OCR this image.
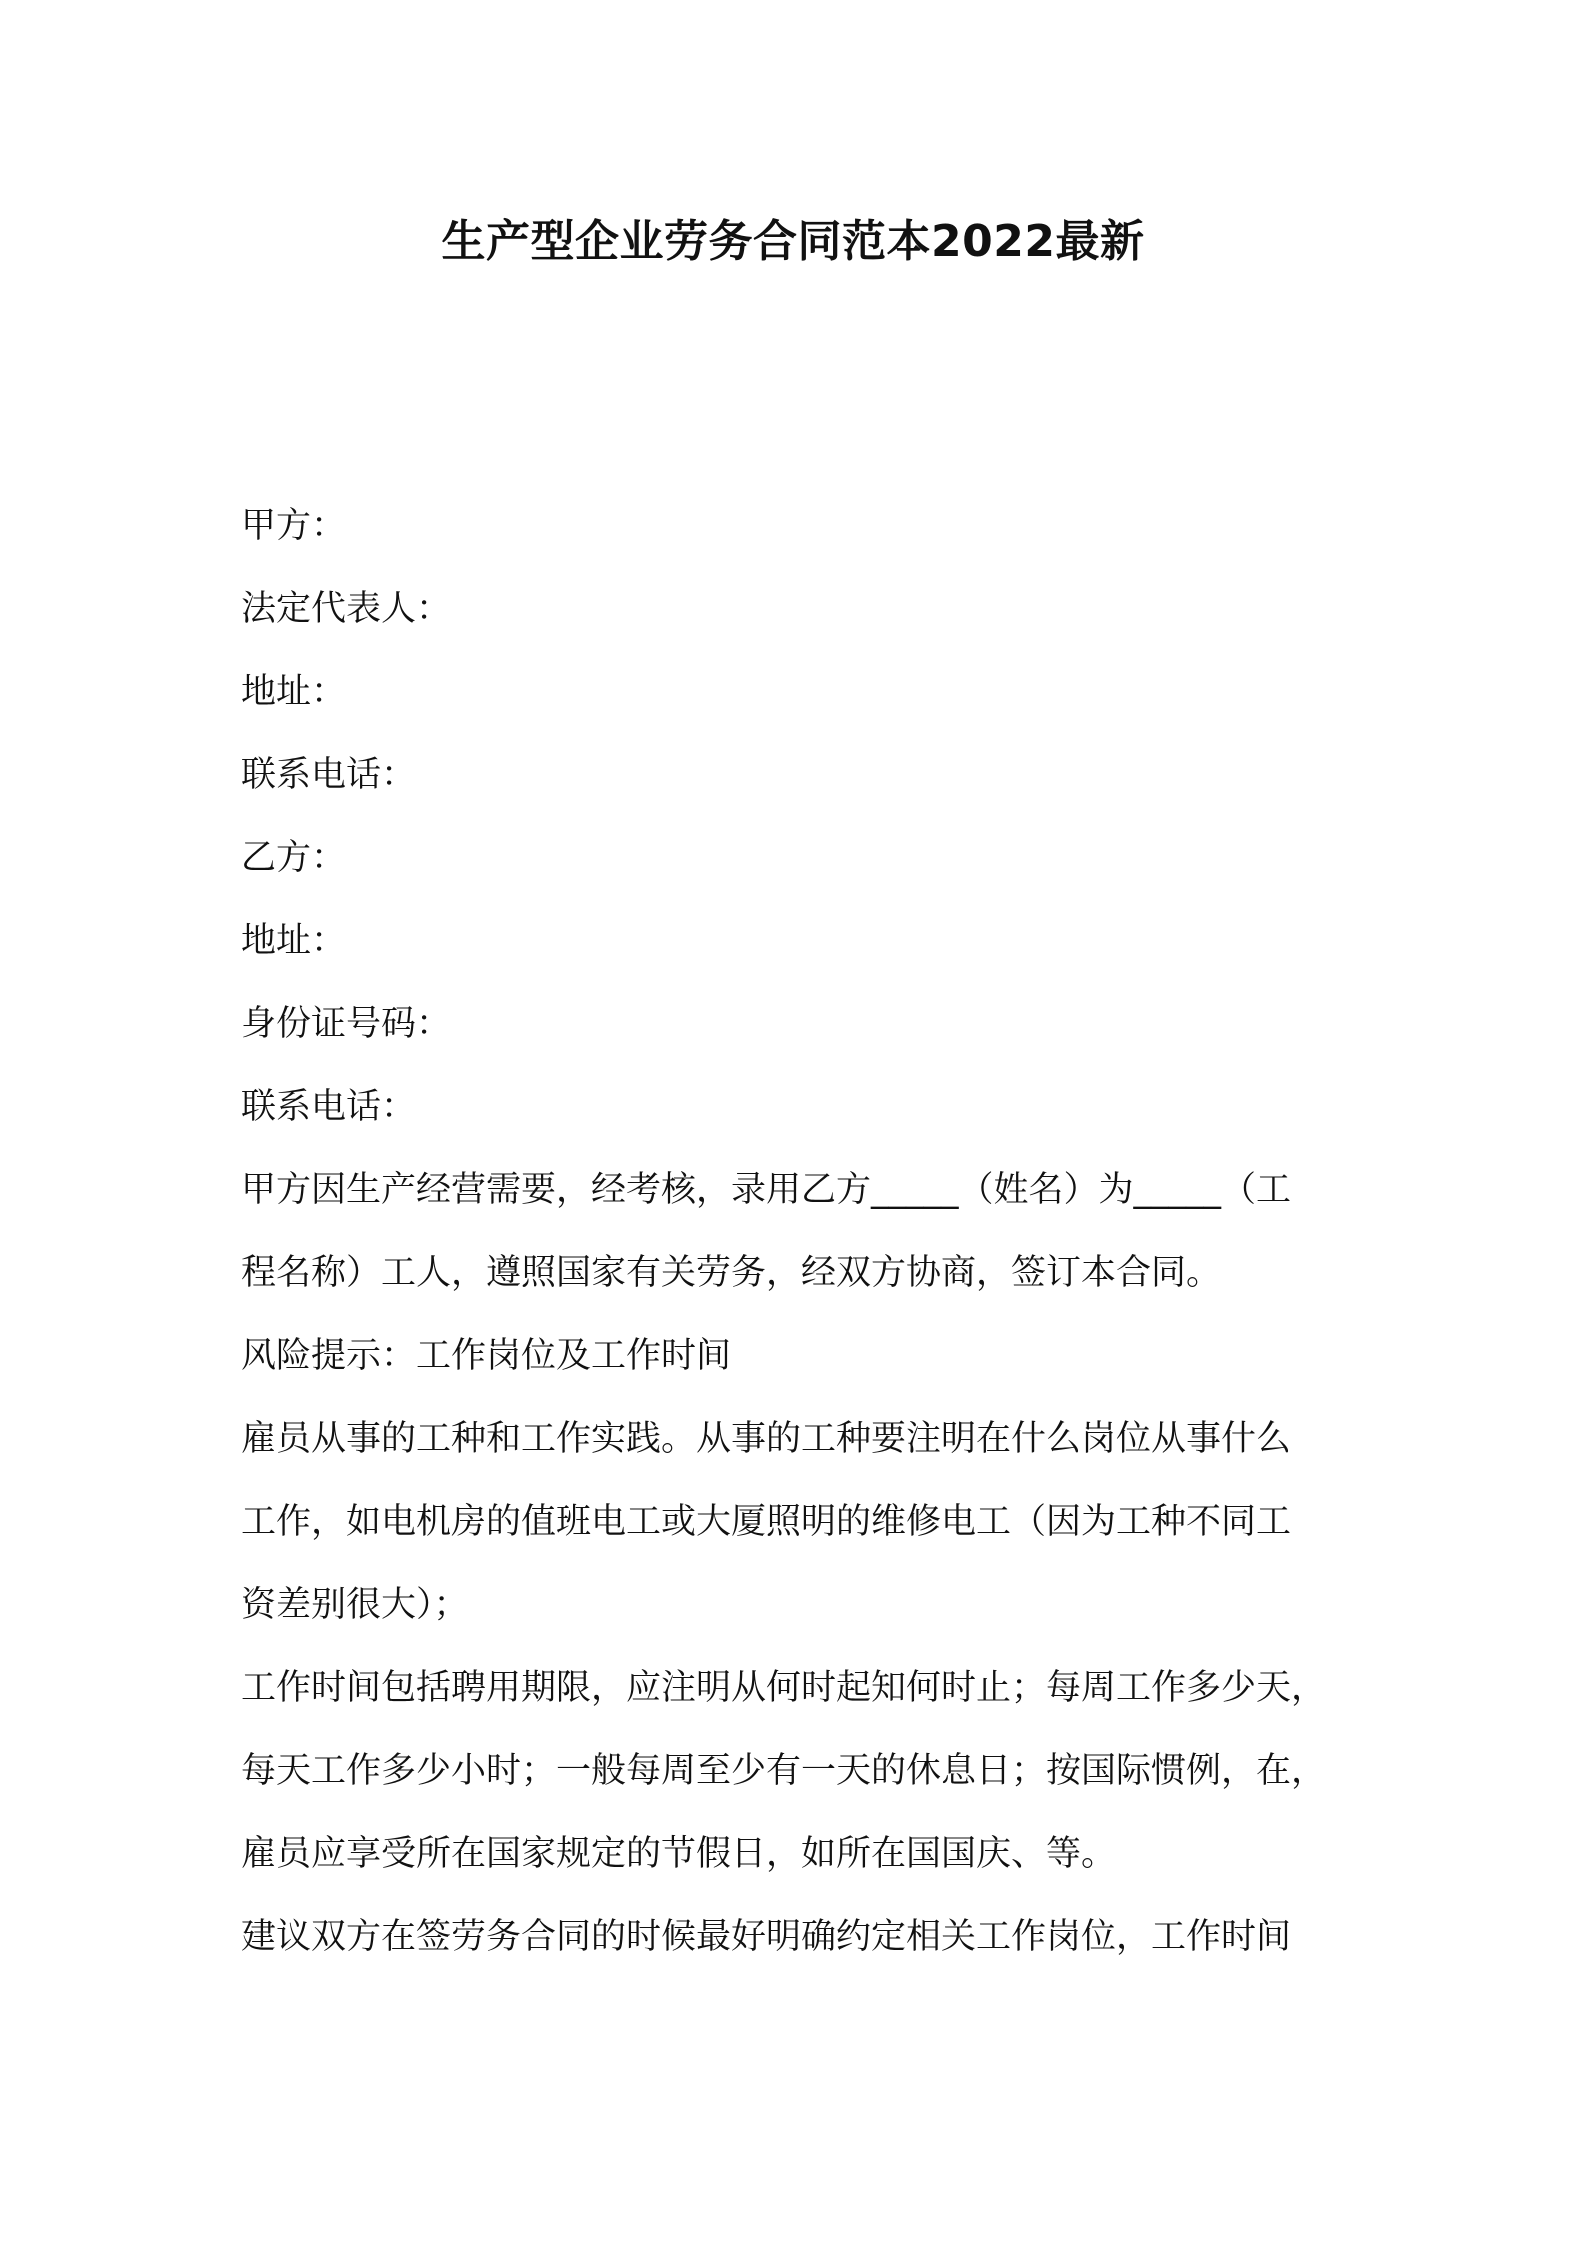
生产型企业劳务合同范本2022最新
甲方：
法定代表人：
地址：
联系电话：
乙方：
地址：
身份证号码：
联系电话：
甲方因生产经营需要，经考核，录用乙方_____（姓名）为_____（工
程名称）工人，遵照国家有关劳务，经双方协商，签订本合同。
风险提示：工作岗位及工作时间
雇员从事的工种和工作实践。从事的工种要注明在什么岗位从事什么
工作，如电机房的值班电工或大厦照明的维修电工（因为工种不同工
资差别很大）；
工作时间包括聘用期限，应注明从何时起知何时止；每周工作多少天，
每天工作多少小时；一般每周至少有一天的休息日；按国际惯例，在，
雇员应享受所在国家规定的节假日，如所在国国庆、等。
建议双方在签劳务合同的时候最好明确约定相关工作岗位，工作时间
